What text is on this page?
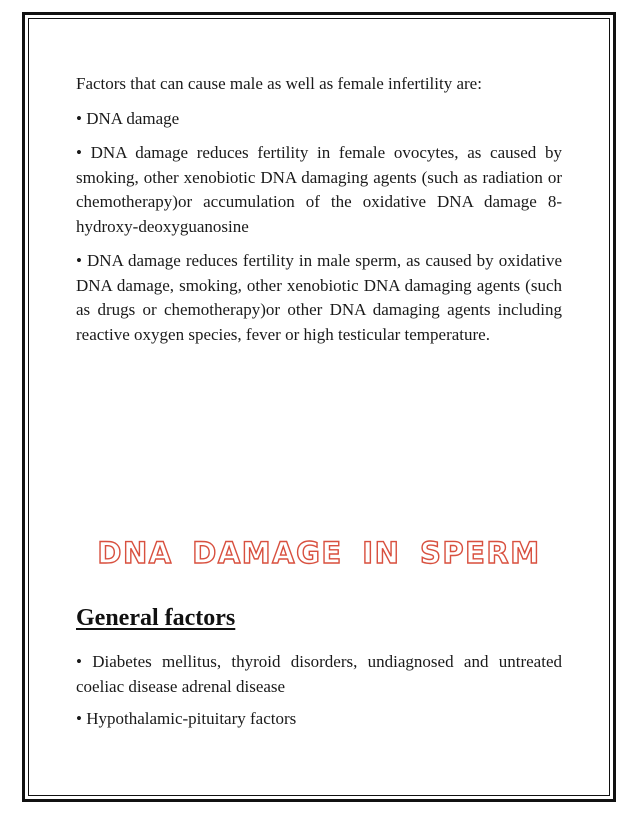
Factors that can cause male as well as female infertility are:

• DNA damage

• DNA damage reduces fertility in female ovocytes, as caused by smoking, other xenobiotic DNA damaging agents (such as radiation or chemotherapy)or accumulation of the oxidative DNA damage 8-hydroxy-deoxyguanosine

• DNA damage reduces fertility in male sperm, as caused by oxidative DNA damage, smoking, other xenobiotic DNA damaging agents (such as drugs or chemotherapy)or other DNA damaging agents including reactive oxygen species, fever or high testicular temperature.

DNA DAMAGE IN SPERM
General factors

• Diabetes mellitus, thyroid disorders, undiagnosed and untreated coeliac disease adrenal disease

• Hypothalamic-pituitary factors
